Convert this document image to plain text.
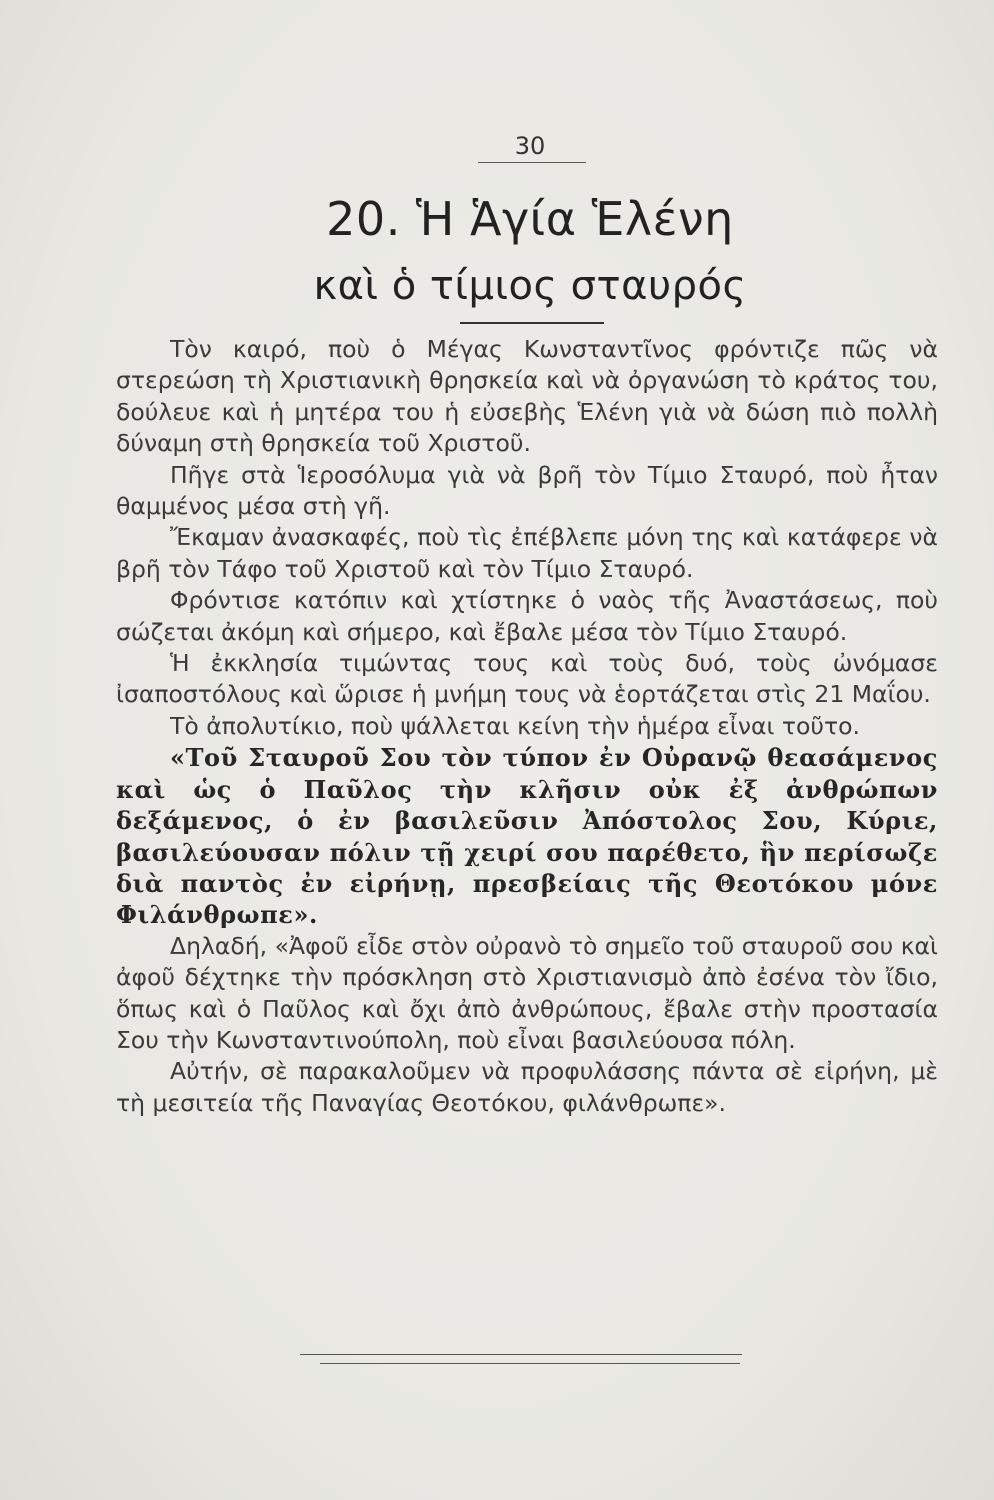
30
20. Ἡ Ἁγία Ἑλένη
καὶ ὁ τίμιος σταυρός

Τὸν καιρό, ποὺ ὁ Μέγας Κωνσταντῖνος φρόντιζε πῶς νὰ στερεώση τὴ Χριστιανικὴ θρησκεία καὶ νὰ ὀργανώση τὸ κράτος του, δούλευε καὶ ἡ μητέρα του ἡ εὐσεβὴς Ἑλένη γιὰ νὰ δώση πιὸ πολλὴ δύναμη στὴ θρησκεία τοῦ Χριστοῦ.

Πῆγε στὰ Ἱεροσόλυμα γιὰ νὰ βρῆ τὸν Τίμιο Σταυρό, ποὺ ἦταν θαμμένος μέσα στὴ γῆ.

Ἔκαμαν ἀνασκαφές, ποὺ τὶς ἐπέβλεπε μόνη της καὶ κατάφερε νὰ βρῆ τὸν Τάφο τοῦ Χριστοῦ καὶ τὸν Τίμιο Σταυρό.

Φρόντισε κατόπιν καὶ χτίστηκε ὁ ναὸς τῆς Ἀναστάσεως, ποὺ σώζεται ἀκόμη καὶ σήμερο, καὶ ἔβαλε μέσα τὸν Τίμιο Σταυρό.

Ἡ ἐκκλησία τιμώντας τους καὶ τοὺς δυό, τοὺς ὠνόμασε ἰσαποστόλους καὶ ὥρισε ἡ μνήμη τους νὰ ἑορτάζεται στὶς 21 Μαΐου.

Τὸ ἀπολυτίκιο, ποὺ ψάλλεται κείνη τὴν ἡμέρα εἶναι τοῦτο.

«Τοῦ Σταυροῦ Σου τὸν τύπον ἐν Οὐρανῷ θεασάμενος καὶ ὡς ὁ Παῦλος τὴν κλῆσιν οὐκ ἐξ ἀνθρώπων δεξάμενος, ὁ ἐν βασιλεῦσιν Ἀπόστολος Σου, Κύριε, βασιλεύουσαν πόλιν τῇ χειρί σου παρέθετο, ἣν περίσωζε διὰ παντὸς ἐν εἰρήνῃ, πρεσβείαις τῆς Θεοτόκου μόνε Φιλάνθρωπε».

Δηλαδή, «Ἀφοῦ εἶδε στὸν οὐρανὸ τὸ σημεῖο τοῦ σταυροῦ σου καὶ ἀφοῦ δέχτηκε τὴν πρόσκληση στὸ Χριστιανισμὸ ἀπὸ ἐσένα τὸν ἴδιο, ὅπως καὶ ὁ Παῦλος καὶ ὄχι ἀπὸ ἀνθρώπους, ἔβαλε στὴν προστασία Σου τὴν Κωνσταντινούπολη, ποὺ εἶναι βασιλεύουσα πόλη.

Αὐτήν, σὲ παρακαλοῦμεν νὰ προφυλάσσης πάντα σὲ εἰρήνη, μὲ τὴ μεσιτεία τῆς Παναγίας Θεοτόκου, φιλάνθρωπε».
